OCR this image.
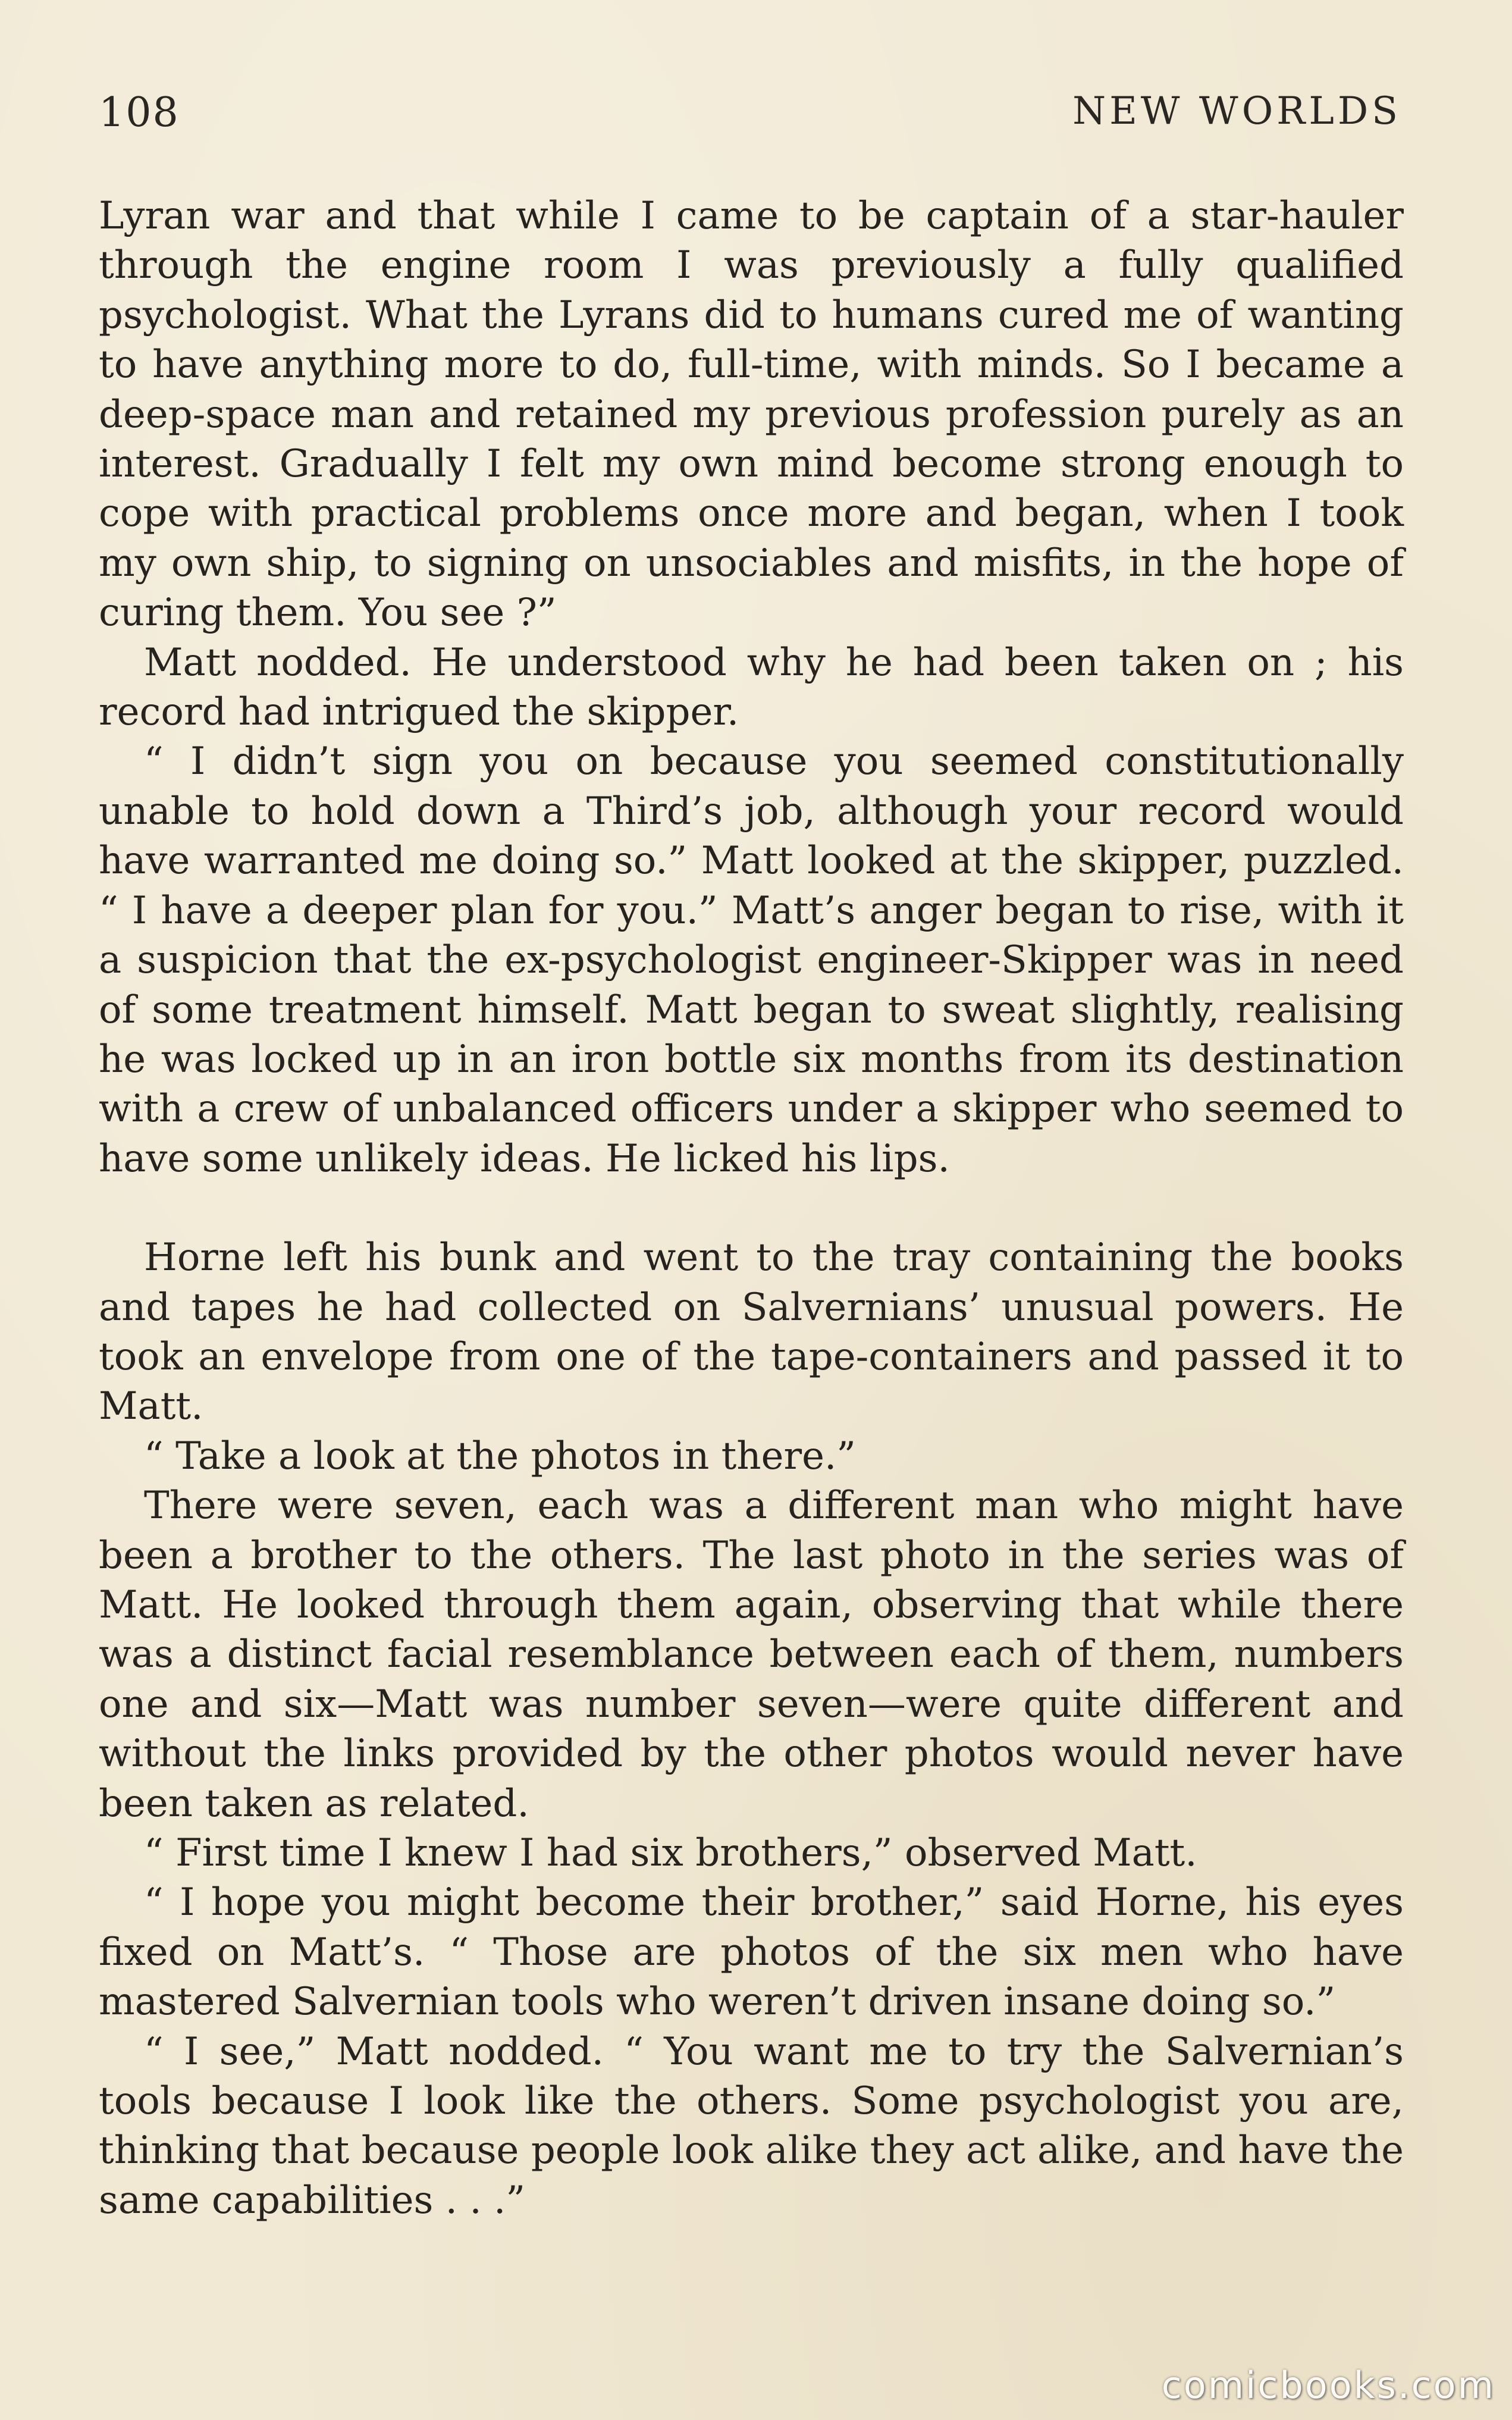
108	NEW WORLDS

Lyran war and that while I came to be captain of a star-hauler through the engine room I was previously a fully qualified psychologist. What the Lyrans did to humans cured me of wanting to have anything more to do, full-time, with minds. So I became a deep-space man and retained my previous profession purely as an interest. Gradually I felt my own mind become strong enough to cope with practical problems once more and began, when I took my own ship, to signing on unsociables and misfits, in the hope of curing them. You see ?”

Matt nodded. He understood why he had been taken on ; his record had intrigued the skipper.

“ I didn’t sign you on because you seemed constitutionally unable to hold down a Third’s job, although your record would have warranted me doing so.” Matt looked at the skipper, puzzled. “ I have a deeper plan for you.” Matt’s anger began to rise, with it a suspicion that the ex-psychologist engineer-Skipper was in need of some treatment himself. Matt began to sweat slightly, realising he was locked up in an iron bottle six months from its destination with a crew of unbalanced officers under a skipper who seemed to have some unlikely ideas. He licked his lips.

Horne left his bunk and went to the tray containing the books and tapes he had collected on Salvernians’ unusual powers. He took an envelope from one of the tape-containers and passed it to Matt.

“ Take a look at the photos in there.”

There were seven, each was a different man who might have been a brother to the others. The last photo in the series was of Matt. He looked through them again, observing that while there was a distinct facial resemblance between each of them, numbers one and six—Matt was number seven—were quite different and without the links provided by the other photos would never have been taken as related.

“ First time I knew I had six brothers,” observed Matt.

“ I hope you might become their brother,” said Horne, his eyes fixed on Matt’s. “ Those are photos of the six men who have mastered Salvernian tools who weren’t driven insane doing so.”

“ I see,” Matt nodded. “ You want me to try the Salvernian’s tools because I look like the others. Some psychologist you are, thinking that because people look alike they act alike, and have the same capabilities . . .”

comicbooks.com
